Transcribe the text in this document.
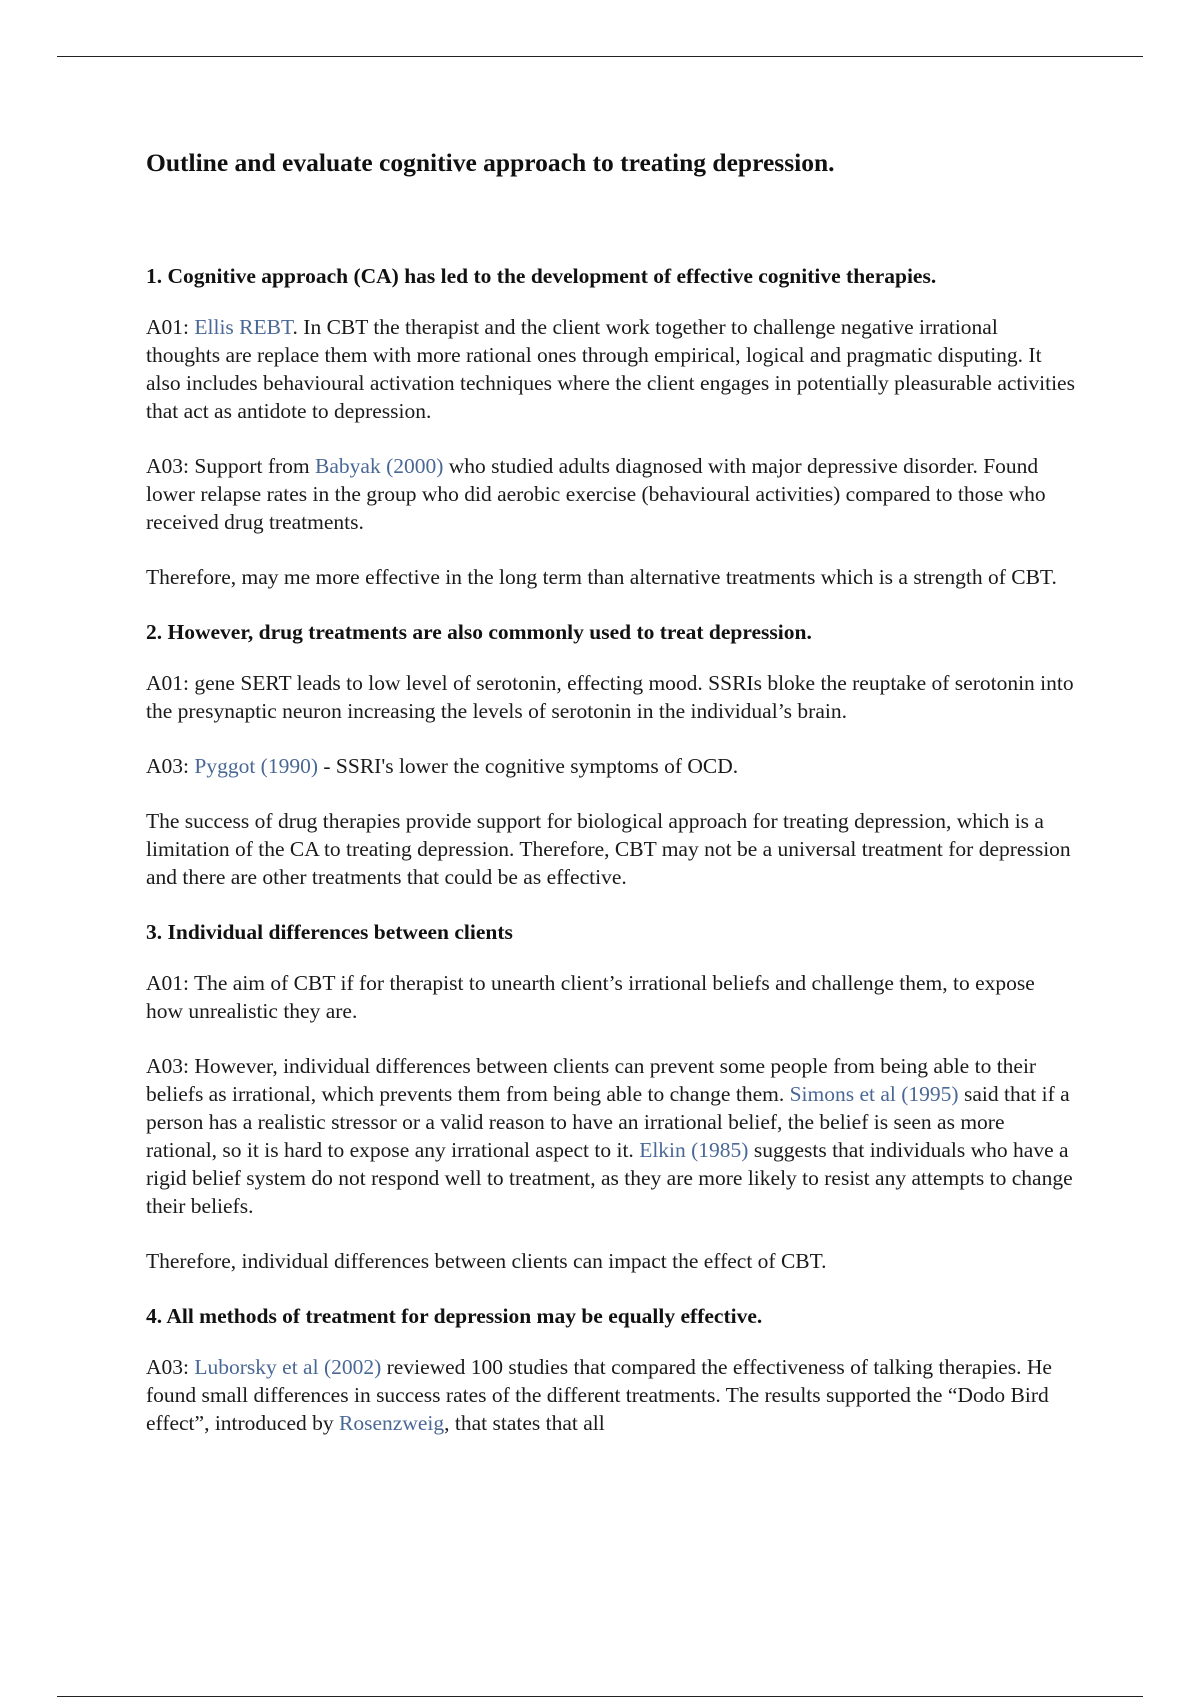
Outline and evaluate cognitive approach to treating depression.
1. Cognitive approach (CA) has led to the development of effective cognitive therapies.

A01: Ellis REBT. In CBT the therapist and the client work together to challenge negative irrational thoughts are replace them with more rational ones through empirical, logical and pragmatic disputing. It also includes behavioural activation techniques where the client engages in potentially pleasurable activities that act as antidote to depression.

A03: Support from Babyak (2000) who studied adults diagnosed with major depressive disorder. Found lower relapse rates in the group who did aerobic exercise (behavioural activities) compared to those who received drug treatments.

Therefore, may me more effective in the long term than alternative treatments which is a strength of CBT.

2. However, drug treatments are also commonly used to treat depression.

A01: gene SERT leads to low level of serotonin, effecting mood. SSRIs bloke the reuptake of serotonin into the presynaptic neuron increasing the levels of serotonin in the individual’s brain.

A03: Pyggot (1990) - SSRI's lower the cognitive symptoms of OCD.

The success of drug therapies provide support for biological approach for treating depression, which is a limitation of the CA to treating depression. Therefore, CBT may not be a universal treatment for depression and there are other treatments that could be as effective.

3. Individual differences between clients

A01: The aim of CBT if for therapist to unearth client’s irrational beliefs and challenge them, to expose how unrealistic they are.

A03: However, individual differences between clients can prevent some people from being able to their beliefs as irrational, which prevents them from being able to change them. Simons et al (1995) said that if a person has a realistic stressor or a valid reason to have an irrational belief, the belief is seen as more rational, so it is hard to expose any irrational aspect to it. Elkin (1985) suggests that individuals who have a rigid belief system do not respond well to treatment, as they are more likely to resist any attempts to change their beliefs.

Therefore, individual differences between clients can impact the effect of CBT.

4. All methods of treatment for depression may be equally effective.

A03: Luborsky et al (2002) reviewed 100 studies that compared the effectiveness of talking therapies. He found small differences in success rates of the different treatments. The results supported the “Dodo Bird effect”, introduced by Rosenzweig, that states that all
